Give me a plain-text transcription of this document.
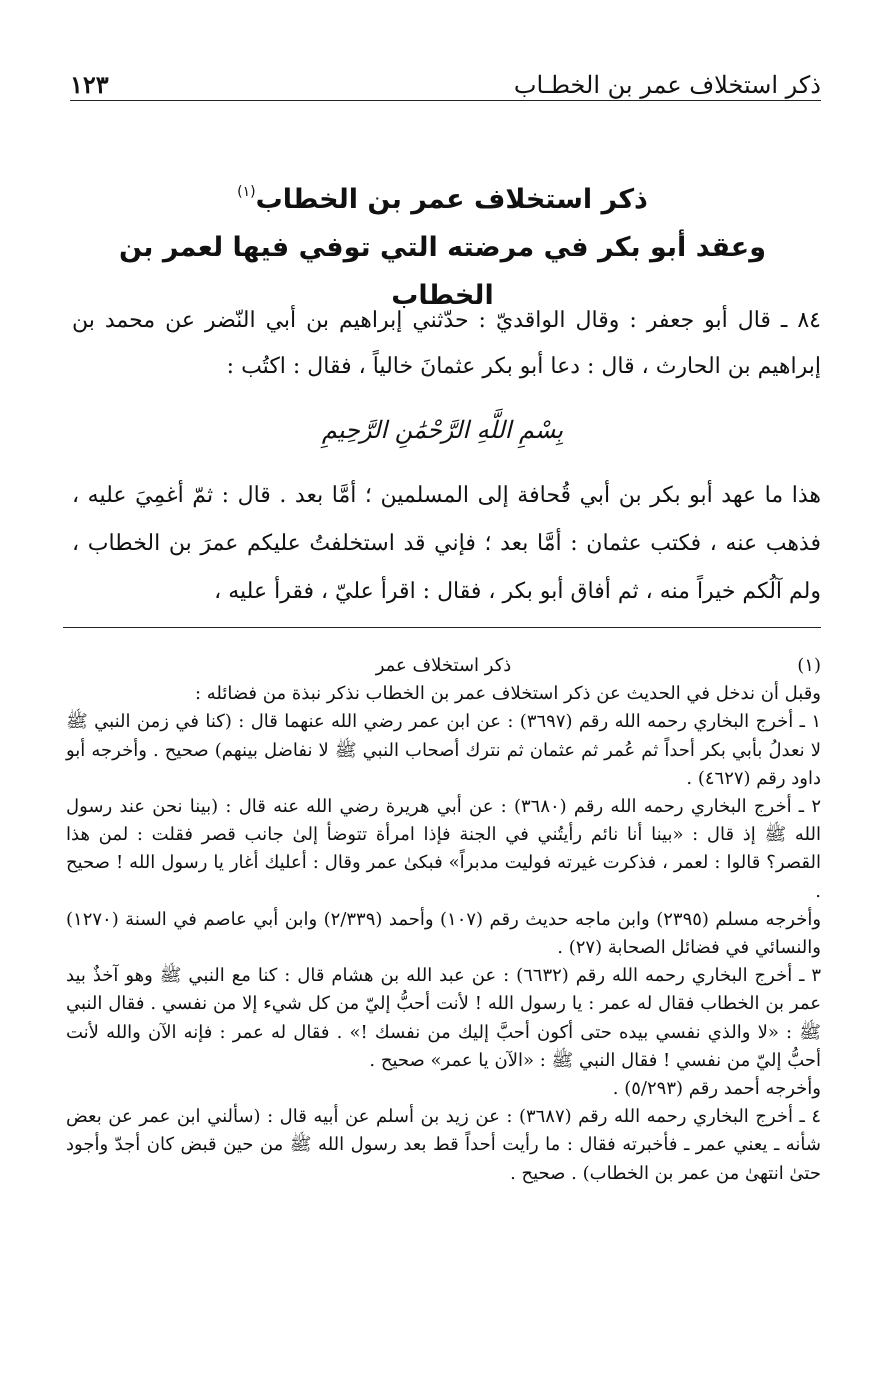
ذكر استخلاف عمر بن الخطـاب
١٢٣
ذكر استخلاف عمر بن الخطاب$^{(١)}$
وعقد أبو بكر في مرضته التي توفي فيها لعمر بن الخطاب
٨٤ ـ قال أبو جعفر : وقال الواقديّ : حدّثني إبراهيم بن أبي النّضر عن محمد بن إبراهيم بن الحارث ، قال : دعا أبو بكر عثمانَ خالياً ، فقال : اكتُب :
بِسْمِ اللَّهِ الرَّحْمَٰنِ الرَّحِيمِ
هذا ما عهد أبو بكر بن أبي قُحافة إلى المسلمين ؛ أمَّا بعد . قال : ثمّ أغمِيَ عليه ، فذهب عنه ، فكتب عثمان : أمَّا بعد ؛ فإني قد استخلفتُ عليكم عمرَ بن الخطاب ، ولم آلُكم خيراً منه ، ثم أفاق أبو بكر ، فقال : اقرأ عليّ ، فقرأ عليه ،
(١)
ذكر استخلاف عمر
وقبل أن ندخل في الحديث عن ذكر استخلاف عمر بن الخطاب نذكر نبذة من فضائله :
١ ـ أخرج البخاري رحمه الله رقم (٣٦٩٧) : عن ابن عمر رضي الله عنهما قال : (كنا في زمن النبي ﷺ لا نعدلُ بأبي بكر أحداً ثم عُمر ثم عثمان ثم نترك أصحاب النبي ﷺ لا نفاضل بينهم) صحيح . وأخرجه أبو داود رقم (٤٦٢٧) .
٢ ـ أخرج البخاري رحمه الله رقم (٣٦٨٠) : عن أبي هريرة رضي الله عنه قال : (بينا نحن عند رسول الله ﷺ إذ قال : «بينا أنا نائم رأيتُني في الجنة فإذا امرأة تتوضأ إلىٰ جانب قصر فقلت : لمن هذا القصر؟ قالوا : لعمر ، فذكرت غيرته فوليت مدبراً» فبكىٰ عمر وقال : أعليك أغار يا رسول الله ! صحيح .
وأخرجه مسلم (٢٣٩٥) وابن ماجه حديث رقم (١٠٧) وأحمد (٢/٣٣٩) وابن أبي عاصم في السنة (١٢٧٠) والنسائي في فضائل الصحابة (٢٧) .
٣ ـ أخرج البخاري رحمه الله رقم (٦٦٣٢) : عن عبد الله بن هشام قال : كنا مع النبي ﷺ وهو آخذٌ بيد عمر بن الخطاب فقال له عمر : يا رسول الله ! لأنت أحبُّ إليّ من كل شيء إلا من نفسي . فقال النبي ﷺ : «لا والذي نفسي بيده حتى أكون أحبَّ إليك من نفسك !» . فقال له عمر : فإنه الآن والله لأنت أحبُّ إليّ من نفسي ! فقال النبي ﷺ : «الآن يا عمر» صحيح .
وأخرجه أحمد رقم (٥/٢٩٣) .
٤ ـ أخرج البخاري رحمه الله رقم (٣٦٨٧) : عن زيد بن أسلم عن أبيه قال : (سألني ابن عمر عن بعض شأنه ـ يعني عمر ـ فأخبرته فقال : ما رأيت أحداً قط بعد رسول الله ﷺ من حين قبض كان أجدّ وأجود حتىٰ انتهىٰ من عمر بن الخطاب) . صحيح .
